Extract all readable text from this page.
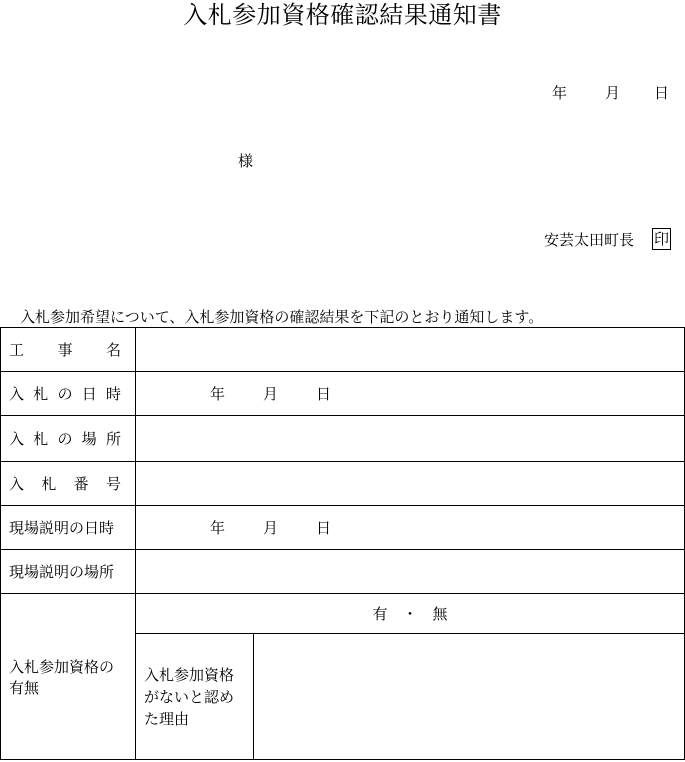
入札参加資格確認結果通知書
年	月 日
様
安芸太田町長 印
入札参加希望について、入札参加資格の確認結果を下記のとおり通知します。
工 事 名		

入 札 の 日 時	年 月 日	

入 札 の 場 所		

入 札 番 号		

現場説明の日時	年 月 日	
現場説明の場所		

入札参加資格の
有無	有　・　無	

	入札参加資格
がないと認め
た理由	
